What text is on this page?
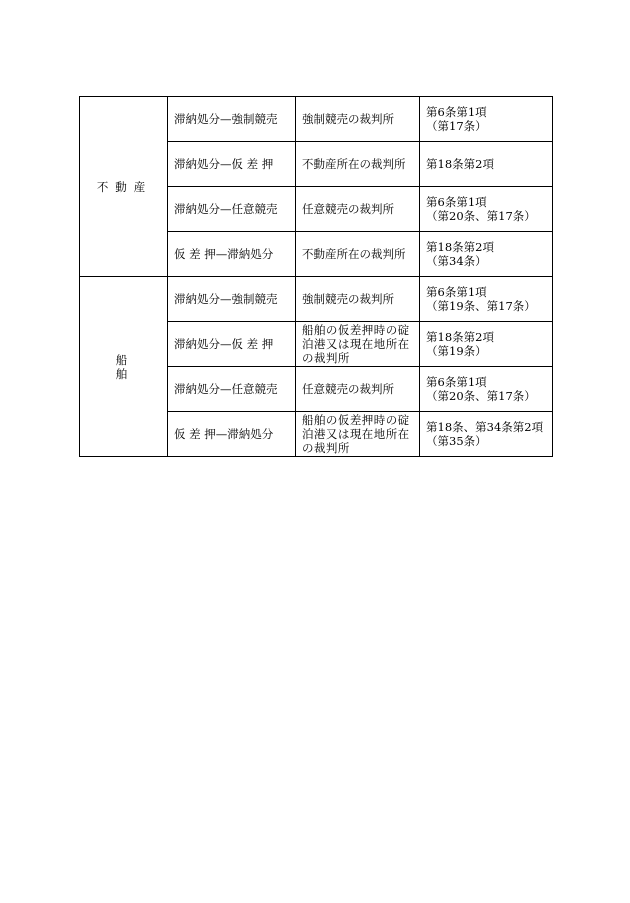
不動産	滞納処分—強制競売	強制競売の裁判所	第6条第1項
（第17条）

	滞納処分—仮 差 押	不動産所在の裁判所	第18条第2項

	滞納処分—任意競売	任意競売の裁判所	第6条第1項
（第20条、第17条）

	仮 差 押—滞納処分	不動産所在の裁判所	第18条第2項
（第34条）

船舶	滞納処分—強制競売	強制競売の裁判所	第6条第1項
（第19条、第17条）

	滞納処分—仮 差 押	船舶の仮差押時の碇
泊港又は現在地所在
の裁判所	第18条第2項
（第19条）

	滞納処分—任意競売	任意競売の裁判所	第6条第1項
（第20条、第17条）

	仮 差 押—滞納処分	船舶の仮差押時の碇
泊港又は現在地所在
の裁判所	第18条、第34条第2項
（第35条）
